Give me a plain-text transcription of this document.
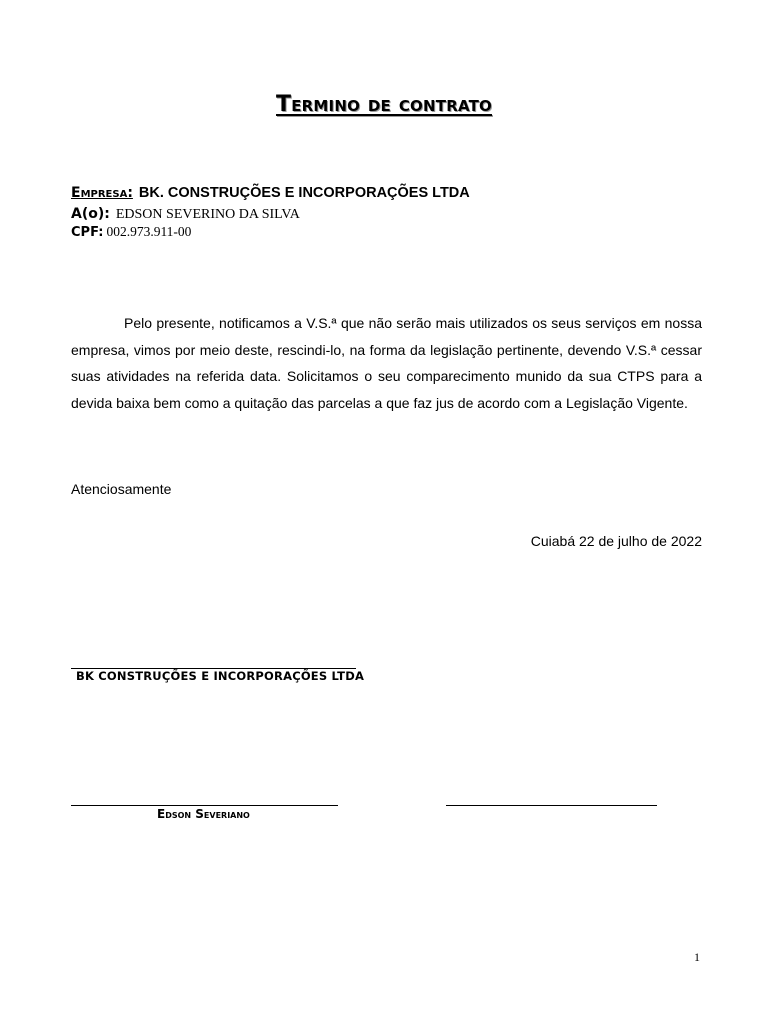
Termino de contrato
Empresa: BK. CONSTRUÇÕES E INCORPORAÇÕES LTDA
A(o): EDSON SEVERINO DA SILVA
CPF: 002.973.911-00

Pelo presente, notificamos a V.S.ª que não serão mais utilizados os seus serviços em nossa empresa, vimos por meio deste, rescindi-lo, na forma da legislação pertinente, devendo V.S.ª cessar suas atividades na referida data. Solicitamos o seu comparecimento munido da sua CTPS para a devida baixa bem como a quitação das parcelas a que faz jus de acordo com a Legislação Vigente.

Atenciosamente
Cuiabá 22 de julho de 2022
BK CONSTRUÇÕES E INCORPORAÇÕES LTDA
Edson Severiano
1
